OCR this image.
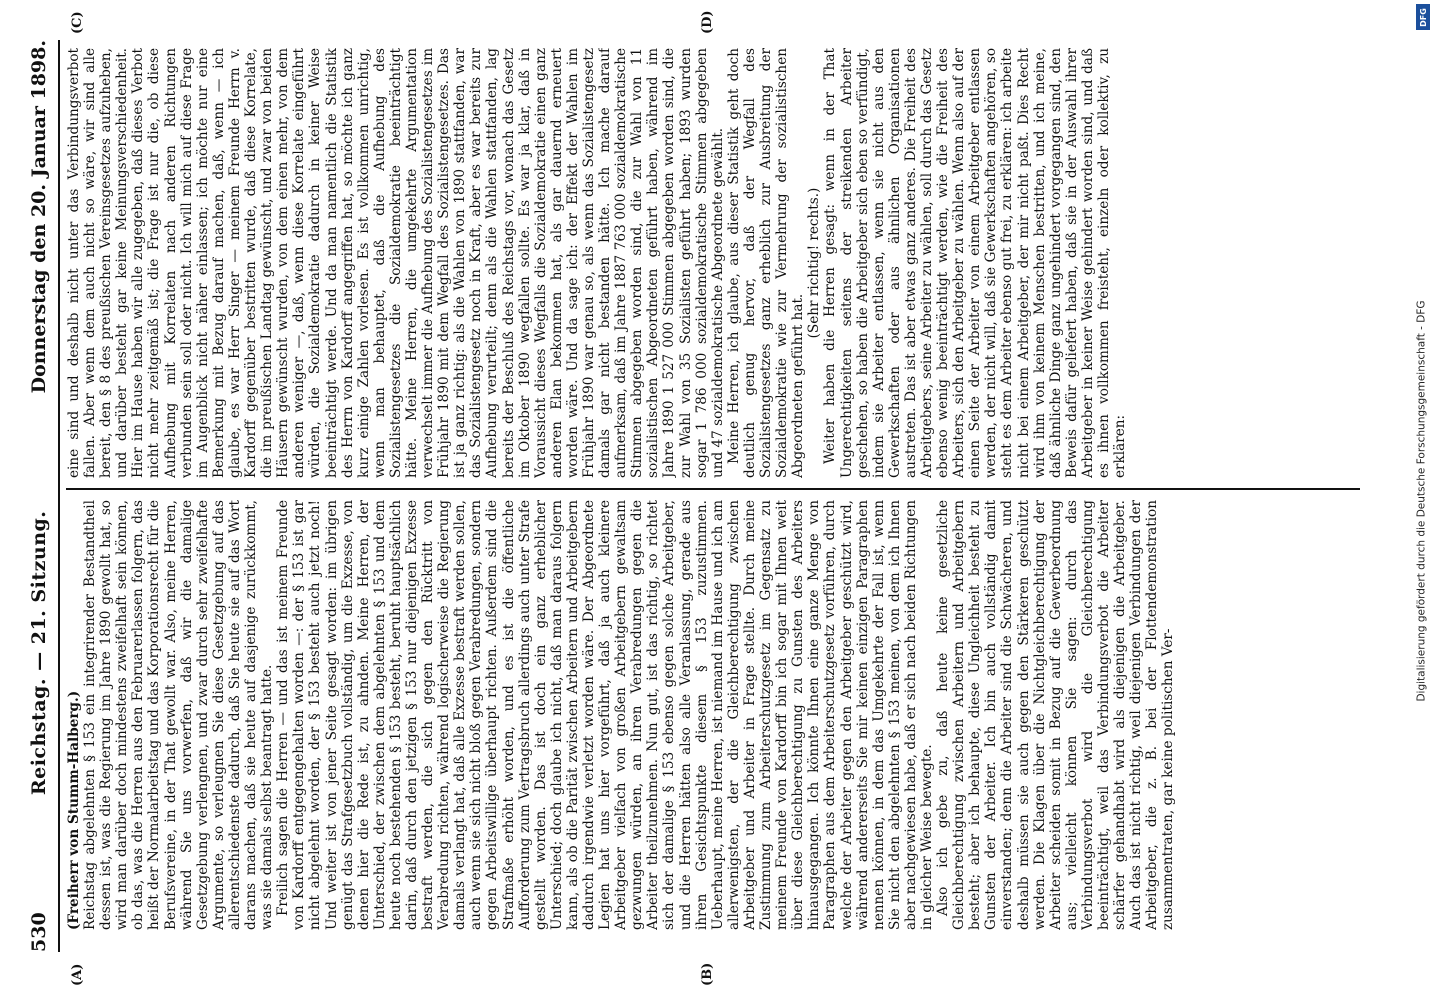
530
Reichstag. — 21. Sitzung.
Donnerstag den 20. Januar 1898.
(A)	(B)
(C)	(D)

(Freiherr von Stumm-Halberg.) Reichstag abgelehnten § 153 ein integrirender Bestandtheil dessen ist, was die Regierung im Jahre 1890 gewollt hat, so wird man darüber doch mindestens zweifelhaft sein können, ob das, was die Herren aus den Februarerlassen folgern, das heißt der Normalarbeitstag und das Korporationsrecht für die Berufsvereine, in der That gewollt war. Also, meine Herren, während Sie uns vorwerfen, daß wir die damalige Gesetzgebung verlengnen, und zwar durch sehr zweifelhafte Argumente, so verleugnen Sie diese Gesetzgebung auf das allerentschiedenste dadurch, daß Sie heute sie auf das Wort darans machen, daß sie heute auf dasjenige zurückkommt, was sie damals selbst beantragt hatte. Freilich sagen die Herren — und das ist meinem Freunde von Kardorff entgegengehalten worden —: der § 153 ist gar nicht abgelehnt worden, der § 153 besteht auch jetzt noch! Und weiter ist von jener Seite gesagt worden: im übrigen genügt das Strafgesetzbuch vollständig, um die Exzesse, von denen hier die Rede ist, zu ahnden. Meine Herren, der Unterschied, der zwischen dem abgelehnten § 153 und dem heute noch bestehenden § 153 besteht, beruht hauptsächlich darin, daß durch den jetzigen § 153 nur diejenigen Exzesse bestraft werden, die sich gegen den Rücktritt von Verabredung richten, während logischerweise die Regierung damals verlangt hat, daß alle Exzesse bestraft werden sollen, auch wenn sie sich nicht bloß gegen Verabredungen, sondern gegen Arbeitswillige überhaupt richten. Außerdem sind die Strafmaße erhöht worden, und es ist die öffentliche Aufforderung zum Vertragsbruch allerdings auch unter Strafe gestellt worden. Das ist doch ein ganz erheblicher Unterschied; doch glaube ich nicht, daß man daraus folgern kann, als ob die Parität zwischen Arbeitern und Arbeitgebern dadurch irgendwie verletzt worden wäre. Der Abgeordnete Legien hat uns hier vorgeführt, daß ja auch kleinere Arbeitgeber vielfach von großen Arbeitgebern gewaltsam gezwungen würden, an ihren Verabredungen gegen die Arbeiter theilzunehmen. Nun gut, ist das richtig, so richtet sich der damalige § 153 ebenso gegen solche Arbeitgeber, und die Herren hätten also alle Veranlassung, gerade aus ihren Gesichtspunkte diesem § 153 zuzustimmen. Ueberhaupt, meine Herren, ist niemand im Hause und ich am allerwenigsten, der die Gleichberechtigung zwischen Arbeitgeber und Arbeiter in Frage stellte. Durch meine Zustimmung zum Arbeiterschutzgesetz im Gegensatz zu meinem Freunde von Kardorff bin ich sogar mit Ihnen weit über diese Gleichberechtigung zu Gunsten des Arbeiters hinausgegangen. Ich könnte Ihnen eine ganze Menge von Paragraphen aus dem Arbeiterschutzgesetz vorführen, durch welche der Arbeiter gegen den Arbeitgeber geschützt wird, während andererseits Sie mir keinen einzigen Paragraphen nennen können, in dem das Umgekehrte der Fall ist, wenn Sie nicht den abgelehnten § 153 meinen, von dem ich Ihnen aber nachgewiesen habe, daß er sich nach beiden Richtungen in gleicher Weise bewegte. Also ich gebe zu, daß heute keine gesetzliche Gleichberechtigung zwischen Arbeitern und Arbeitgebern besteht; aber ich behaupte, diese Ungleichheit besteht zu Gunsten der Arbeiter. Ich bin auch vollständig damit einverstanden; denn die Arbeiter sind die Schwächeren, und deshalb müssen sie auch gegen den Stärkeren geschützt werden. Die Klagen über die Nichtgleichberechtigung der Arbeiter scheiden somit in Bezug auf die Gewerbeordnung aus; vielleicht können Sie sagen: durch das Verbindungsverbot wird die Gleichberechtigung beeinträchtigt, weil das Verbindungsverbot die Arbeiter schärfer gehandhabt wird als diejenigen die Arbeitgeber. Auch das ist nicht richtig, weil diejenigen Verbindungen der Arbeitgeber, die z. B. bei der Flottendemonstration zusammentraten, gar keine politischen Ver-

eine sind und deshalb nicht unter das Verbindungsverbot fallen. Aber wenn dem auch nicht so wäre, wir sind alle bereit, den § 8 des preußischen Vereinsgesetzes aufzuheben, und darüber besteht gar keine Meinungsverschiedenheit. Hier im Hause haben wir alle zugegeben, daß dieses Verbot nicht mehr zeitgemäß ist; die Frage ist nur die, ob diese Aufhebung mit Korrelaten nach anderen Richtungen verbunden sein soll oder nicht. Ich will mich auf diese Frage im Augenblick nicht näher einlassen; ich möchte nur eine Bemerkung mit Bezug darauf machen, daß, wenn — ich glaube, es war Herr Singer — meinem Freunde Herrn v. Kardorff gegenüber bestritten wurde, daß diese Korrelate, die im preußischen Landtag gewünscht, und zwar von beiden Häusern gewünscht wurden, von dem einen mehr, von dem anderen weniger —, daß, wenn diese Korrelate eingeführt würden, die Sozialdemokratie dadurch in keiner Weise beeinträchtigt werde. Und da man namentlich die Statistik des Herrn von Kardorff angegriffen hat, so möchte ich ganz kurz einige Zahlen vorlesen. Es ist vollkommen unrichtig, wenn man behauptet, daß die Aufhebung des Sozialistengesetzes die Sozialdemokratie beeinträchtigt hätte. Meine Herren, die umgekehrte Argumentation verwechselt immer die Aufhebung des Sozialistengesetzes im Frühjahr 1890 mit dem Wegfall des Sozialistengesetzes. Das ist ja ganz richtig: als die Wahlen von 1890 stattfanden, war das Sozialistengesetz noch in Kraft, aber es war bereits zur Aufhebung verurteilt; denn als die Wahlen stattfanden, lag bereits der Beschluß des Reichstags vor, wonach das Gesetz im Oktober 1890 wegfallen sollte. Es war ja klar, daß in Voraussicht dieses Wegfalls die Sozialdemokratie einen ganz anderen Elan bekommen hat, als gar dauernd erneuert worden wäre. Und da sage ich: der Effekt der Wahlen im Frühjahr 1890 war genau so, als wenn das Sozialistengesetz damals gar nicht bestanden hätte. Ich mache darauf aufmerksam, daß im Jahre 1887 763 000 sozialdemokratische Stimmen abgegeben worden sind, die zur Wahl von 11 sozialistischen Abgeordneten geführt haben, während im Jahre 1890 1 527 000 Stimmen abgegeben worden sind, die zur Wahl von 35 Sozialisten geführt haben; 1893 wurden sogar 1 786 000 sozialdemokratische Stimmen abgegeben und 47 sozialdemokratische Abgeordnete gewählt. Meine Herren, ich glaube, aus dieser Statistik geht doch deutlich genug hervor, daß der Wegfall des Sozialistengesetzes ganz erheblich zur Ausbreitung der Sozialdemokratie wie zur Vermehrung der sozialistischen Abgeordneten geführt hat.

(Sehr richtig! rechts.) Weiter haben die Herren gesagt: wenn in der That Ungerechtigkeiten seitens der streikenden Arbeiter geschehen, so haben die Arbeitgeber sich eben so verfündigt, indem sie Arbeiter entlassen, wenn sie nicht aus den Gewerkschaften oder aus ähnlichen Organisationen austreten. Das ist aber etwas ganz anderes. Die Freiheit des Arbeitgebers, seine Arbeiter zu wählen, soll durch das Gesetz ebenso wenig beeinträchtigt werden, wie die Freiheit des Arbeiters, sich den Arbeitgeber zu wählen. Wenn also auf der einen Seite der Arbeiter von einem Arbeitgeber entlassen werden, der nicht will, daß sie Gewerkschaften angehören, so steht es dem Arbeiter ebenso gut frei, zu erklären: ich arbeite nicht bei einem Arbeitgeber, der mir nicht paßt. Dies Recht wird ihm von keinem Menschen bestritten, und ich meine, daß ähnliche Dinge ganz ungehindert vorgegangen sind, den Beweis dafür geliefert haben, daß sie in der Auswahl ihrer Arbeitgeber in keiner Weise gehindert worden sind, und daß es ihnen vollkommen freisteht, einzeln oder kollektiv, zu erklären:

DFG
Digitalisierung gefördert durch die Deutsche Forschungsgemeinschaft - DFG
